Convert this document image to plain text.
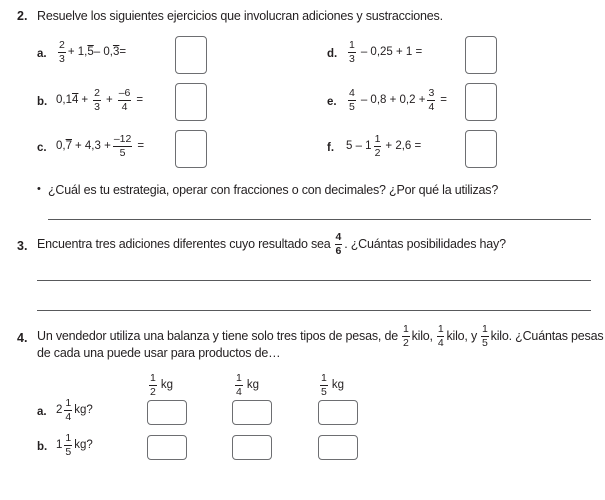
2. Resuelve los siguientes ejercicios que involucran adiciones y sustracciones.
a. $\frac{2}{3} + 1$, 5 – 0, 3 =
b. 0,1 $4 + \frac{2}{3} + \frac{-6}{4}$ =
c. 0, $7 + 4,3 + \frac{-12}{5}$ =
d. $\frac{1}{3} - 0,25 + 1$ =
e. $\frac{4}{5} - 0,8 + 0,2 + \frac{3}{4}$ =
f. $5 - 1 \frac{1}{2} + 2,6$ =
• ¿Cuál es tu estrategia, operar con fracciones o con decimales? ¿Por qué la utilizas?
3. Encuentra tres adiciones diferentes cuyo resultado sea $\frac{4}{6}$ . ¿Cuántas posibilidades hay?
4. Un vendedor utiliza una balanza y tiene solo tres tipos de pesas, de $\frac{1}{2}$ kilo, $\frac{1}{4}$ kilo, y $\frac{1}{5}$ kilo. ¿Cuántas pesas
de cada una puede usar para productos de…
$\frac{1}{2}$ kg	$\frac{1}{4}$ kg	$\frac{1}{5}$ kg
a. $2 \frac{1}{4}$ kg?
b. $1 \frac{1}{5}$ kg?
